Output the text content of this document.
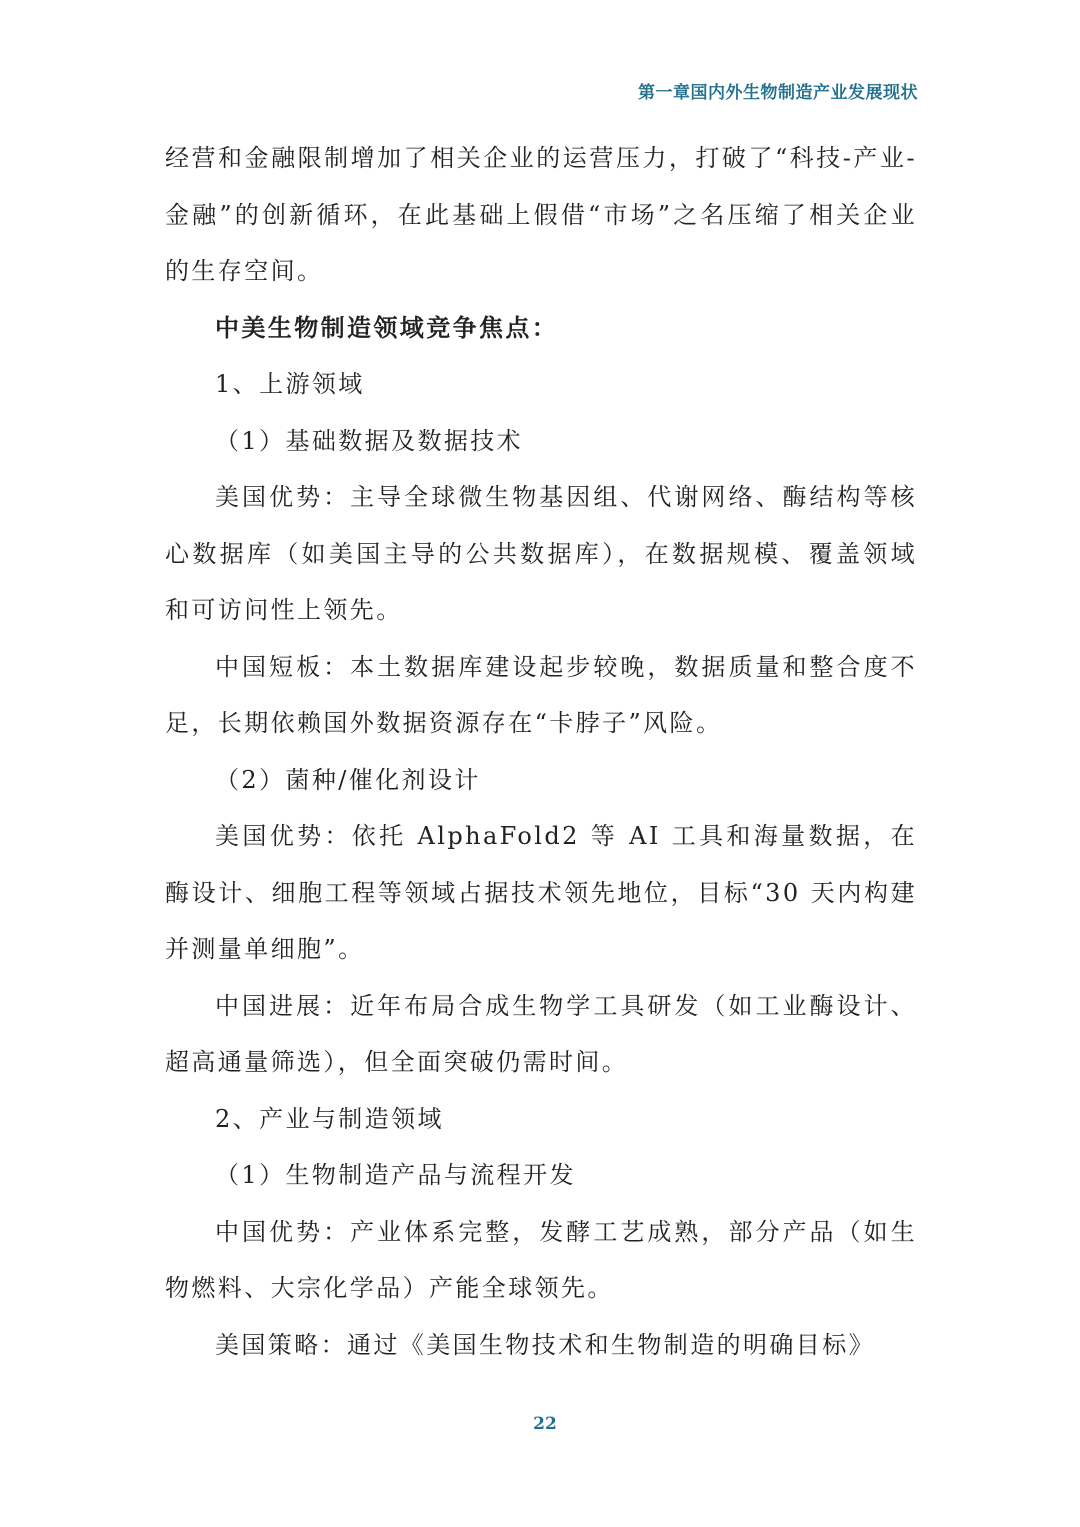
第一章国内外生物制造产业发展现状

经营和金融限制增加了相关企业的运营压力，打破了“科技-产业-金融”的创新循环，在此基础上假借“市场”之名压缩了相关企业的生存空间。

中美生物制造领域竞争焦点：

1、上游领域

（1）基础数据及数据技术

美国优势：主导全球微生物基因组、代谢网络、酶结构等核心数据库（如美国主导的公共数据库），在数据规模、覆盖领域和可访问性上领先。

中国短板：本土数据库建设起步较晚，数据质量和整合度不足，长期依赖国外数据资源存在“卡脖子”风险。

（2）菌种/催化剂设计

美国优势：依托 AlphaFold2 等 AI 工具和海量数据，在酶设计、细胞工程等领域占据技术领先地位，目标“30 天内构建并测量单细胞”。

中国进展：近年布局合成生物学工具研发（如工业酶设计、超高通量筛选），但全面突破仍需时间。

2、产业与制造领域

（1）生物制造产品与流程开发

中国优势：产业体系完整，发酵工艺成熟，部分产品（如生物燃料、大宗化学品）产能全球领先。

美国策略：通过《美国生物技术和生物制造的明确目标》

22
